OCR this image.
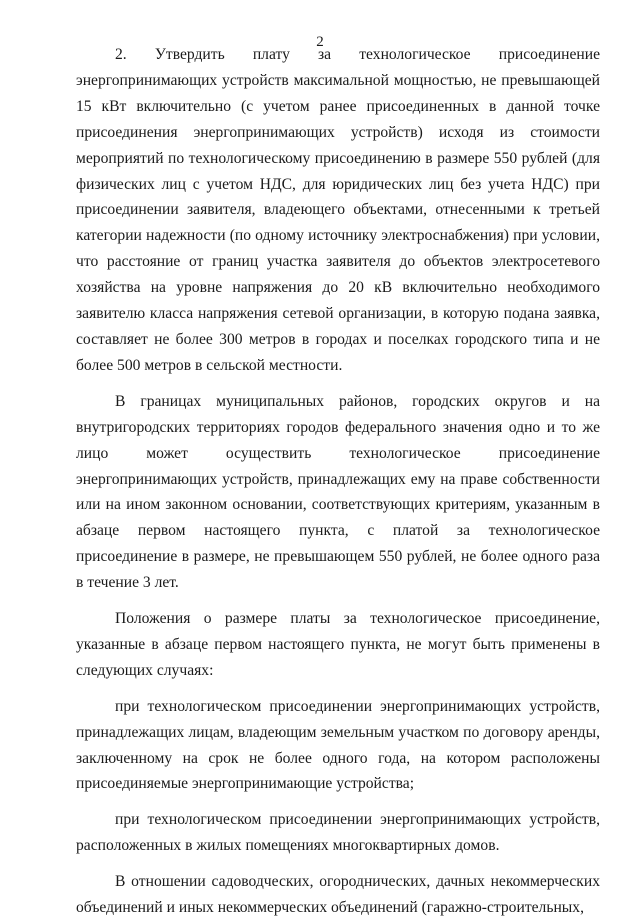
2

2. Утвердить плату за технологическое присоединение энергопринимающих устройств максимальной мощностью, не превышающей 15 кВт включительно (с учетом ранее присоединенных в данной точке присоединения энергопринимающих устройств) исходя из стоимости мероприятий по технологическому присоединению в размере 550 рублей (для физических лиц с учетом НДС, для юридических лиц без учета НДС) при присоединении заявителя, владеющего объектами, отнесенными к третьей категории надежности (по одному источнику электроснабжения) при условии, что расстояние от границ участка заявителя до объектов электросетевого хозяйства на уровне напряжения до 20 кВ включительно необходимого заявителю класса напряжения сетевой организации, в которую подана заявка, составляет не более 300 метров в городах и поселках городского типа и не более 500 метров в сельской местности.

В границах муниципальных районов, городских округов и на внутригородских территориях городов федерального значения одно и то же лицо может осуществить технологическое присоединение энергопринимающих устройств, принадлежащих ему на праве собственности или на ином законном основании, соответствующих критериям, указанным в абзаце первом настоящего пункта, с платой за технологическое присоединение в размере, не превышающем 550 рублей, не более одного раза в течение 3 лет.

Положения о размере платы за технологическое присоединение, указанные в абзаце первом настоящего пункта, не могут быть применены в следующих случаях:

при технологическом присоединении энергопринимающих устройств, принадлежащих лицам, владеющим земельным участком по договору аренды, заключенному на срок не более одного года, на котором расположены присоединяемые энергопринимающие устройства;

при технологическом присоединении энергопринимающих устройств, расположенных в жилых помещениях многоквартирных домов.

В отношении садоводческих, огороднических, дачных некоммерческих объединений и иных некоммерческих объединений (гаражно-строительных,
